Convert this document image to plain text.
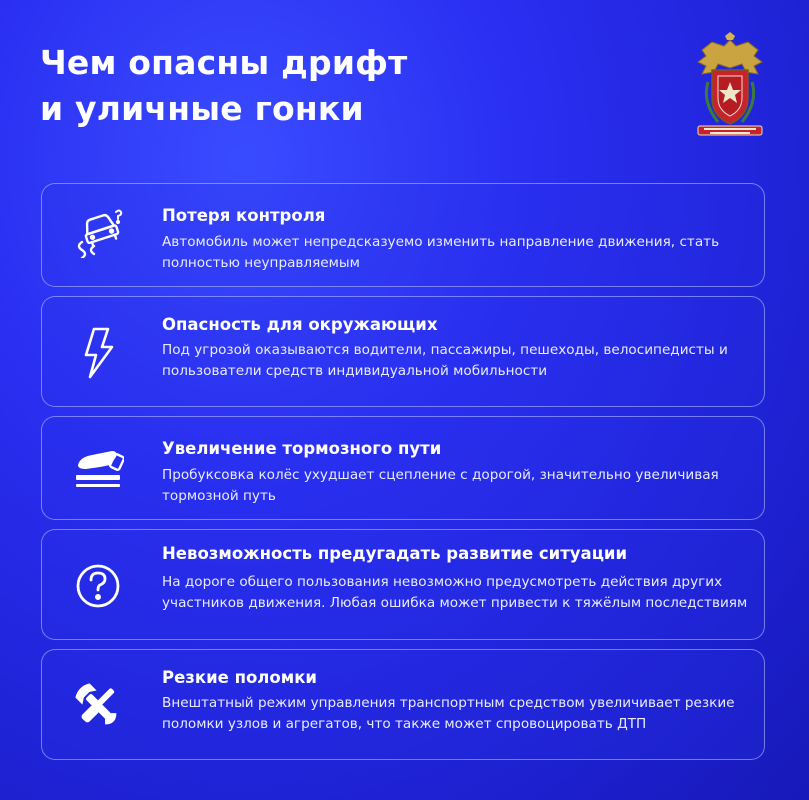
Чем опасны дрифт
и уличные гонки
Потеря контроля
Автомобиль может непредсказуемо изменить направление движения, стать полностью неуправляемым
Опасность для окружающих
Под угрозой оказываются водители, пассажиры, пешеходы, велосипедисты и пользователи средств индивидуальной мобильности
Увеличение тормозного пути
Пробуксовка колёс ухудшает сцепление с дорогой, значительно увеличивая тормозной путь
Невозможность предугадать развитие ситуации
На дороге общего пользования невозможно предусмотреть действия других участников движения. Любая ошибка может привести к тяжёлым последствиям
Резкие поломки
Внештатный режим управления транспортным средством увеличивает резкие поломки узлов и агрегатов, что также может спровоцировать ДТП
